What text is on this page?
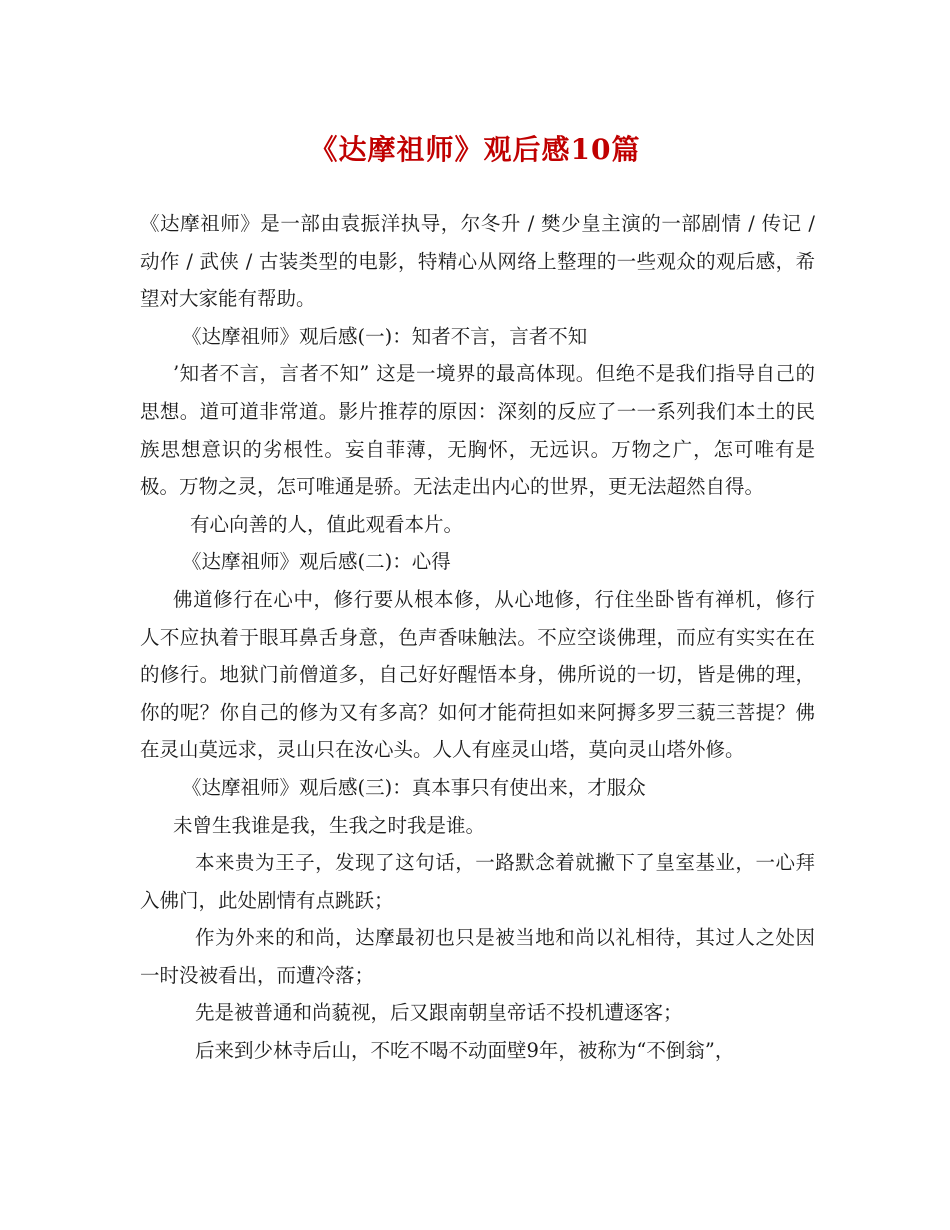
《达摩祖师》观后感10篇

《达摩祖师》是一部由袁振洋执导，尔冬升 / 樊少皇主演的一部剧情 / 传记 / 动作 / 武侠 / 古装类型的电影，特精心从网络上整理的一些观众的观后感，希望对大家能有帮助。

《达摩祖师》观后感(一)：知者不言，言者不知

’知者不言，言者不知” 这是一境界的最高体现。但绝不是我们指导自己的思想。道可道非常道。影片推荐的原因：深刻的反应了一一系列我们本土的民族思想意识的劣根性。妄自菲薄，无胸怀，无远识。万物之广，怎可唯有是极。万物之灵，怎可唯通是骄。无法走出内心的世界，更无法超然自得。

有心向善的人，值此观看本片。

《达摩祖师》观后感(二)：心得

佛道修行在心中，修行要从根本修，从心地修，行住坐卧皆有禅机，修行人不应执着于眼耳鼻舌身意，色声香味触法。不应空谈佛理，而应有实实在在的修行。地狱门前僧道多，自己好好醒悟本身，佛所说的一切，皆是佛的理，你的呢？你自己的修为又有多高？如何才能荷担如来阿搙多罗三藐三菩提？佛在灵山莫远求，灵山只在汝心头。人人有座灵山塔，莫向灵山塔外修。

《达摩祖师》观后感(三)：真本事只有使出来，才服众

未曾生我谁是我，生我之时我是谁。

本来贵为王子，发现了这句话，一路默念着就撇下了皇室基业，一心拜入佛门，此处剧情有点跳跃；

作为外来的和尚，达摩最初也只是被当地和尚以礼相待，其过人之处因一时没被看出，而遭冷落；

先是被普通和尚藐视，后又跟南朝皇帝话不投机遭逐客；

后来到少林寺后山，不吃不喝不动面壁9年，被称为“不倒翁”，
